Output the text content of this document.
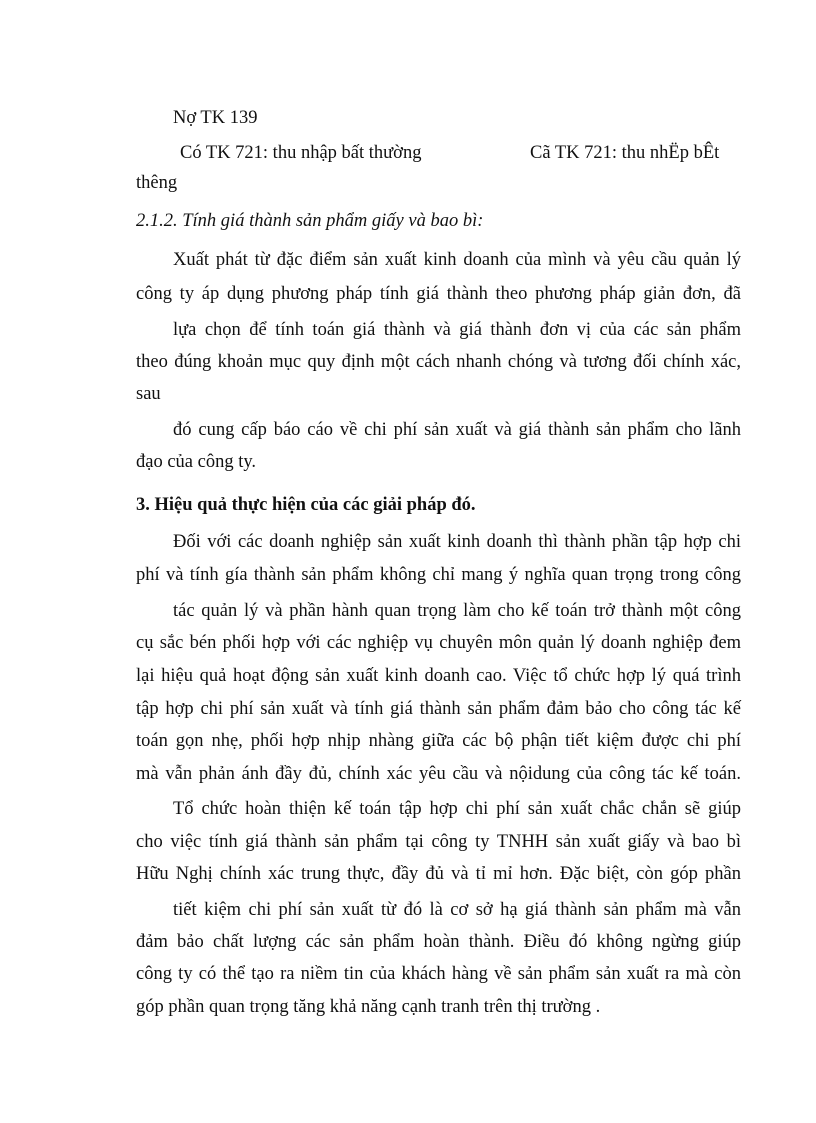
Nợ TK 139
Có TK 721: thu nhập bất thường	Cã TK 721: thu nhËp bÊt
thêng
2.1.2. Tính giá thành sản phẩm giấy và bao bì:
Xuất phát từ đặc điểm sản xuất kinh doanh của mình và yêu cầu quản lý
công ty áp dụng phương pháp tính giá thành theo phương pháp giản đơn, đã
lựa chọn để tính toán giá thành và giá thành đơn vị của các sản phẩm
theo đúng khoản mục quy định một cách nhanh chóng và tương đối chính xác,
sau
đó cung cấp báo cáo về chi phí sản xuất và giá thành sản phẩm cho lãnh
đạo của công ty.
3. Hiệu quả thực hiện của các giải pháp đó.
Đối với các doanh nghiệp sản xuất kinh doanh thì thành phần tập hợp chi
phí và tính gía thành sản phẩm không chỉ mang ý nghĩa quan trọng trong công
tác quản lý và phần hành quan trọng làm cho kế toán trở thành một công
cụ sắc bén phối hợp với các nghiệp vụ chuyên môn quản lý doanh nghiệp đem
lại hiệu quả hoạt động sản xuất kinh doanh cao. Việc tổ chức hợp lý quá trình
tập hợp chi phí sản xuất và tính giá thành sản phẩm đảm bảo cho công tác kế
toán gọn nhẹ, phối hợp nhịp nhàng giữa các bộ phận tiết kiệm được chi phí
mà vẫn phản ánh đầy đủ, chính xác yêu cầu và nộidung của công tác kế toán.
Tổ chức hoàn thiện kế toán tập hợp chi phí sản xuất chắc chắn sẽ giúp
cho việc tính giá thành sản phẩm tại công ty TNHH sản xuất giấy và bao bì
Hữu Nghị chính xác trung thực, đầy đủ và tỉ mỉ hơn. Đặc biệt, còn góp phần
tiết kiệm chi phí sản xuất từ đó là cơ sở hạ giá thành sản phẩm mà vẫn
đảm bảo chất lượng các sản phẩm hoàn thành. Điều đó không ngừng giúp
công ty có thể tạo ra niềm tin của khách hàng về sản phẩm sản xuất ra mà còn
góp phần quan trọng tăng khả năng cạnh tranh trên thị trường .
